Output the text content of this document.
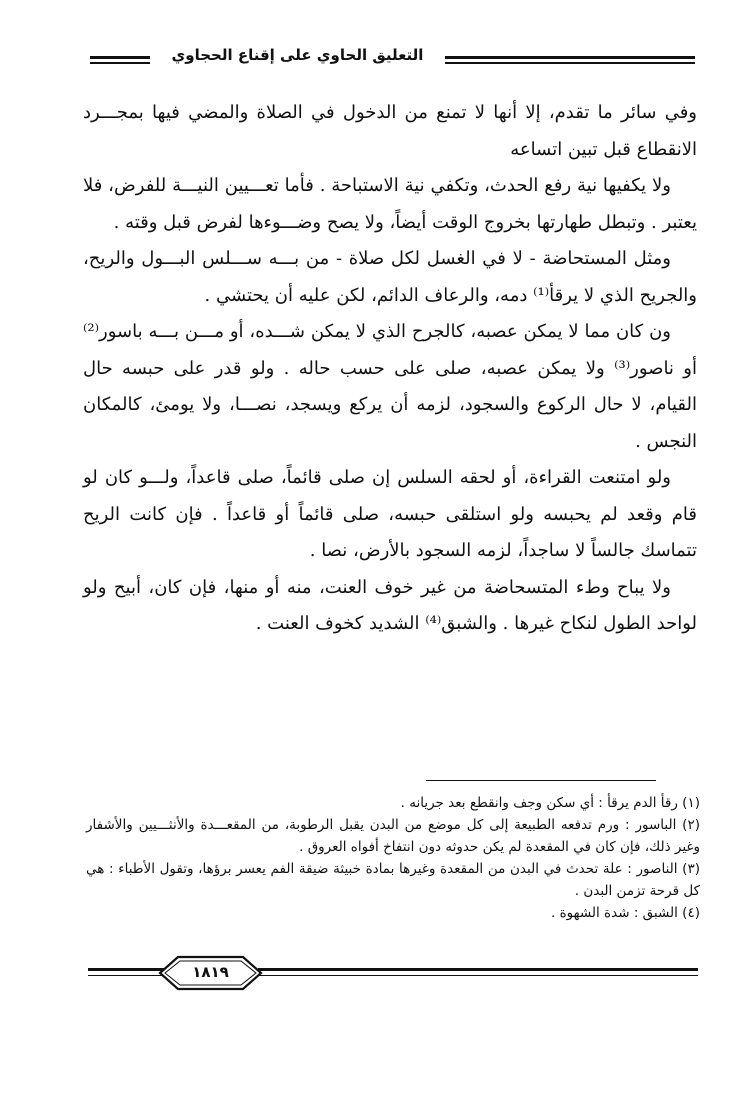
التعليق الحاوي على إقناع الحجاوي

وفي سائر ما تقدم، إلا أنها لا تمنع من الدخول في الصلاة والمضي فيها بمجـــرد الانقطاع قبل تبين اتساعه

ولا يكفيها نية رفع الحدث، وتكفي نية الاستباحة . فأما تعـــيين النيـــة للفرض، فلا يعتبر . وتبطل طهارتها بخروج الوقت أيضاً، ولا يصح وضـــوءها لفرض قبل وقته .

ومثل المستحاضة - لا في الغسل لكل صلاة - من بـــه ســـلس البـــول والريح، والجريح الذي لا يرقأ⁽¹⁾ دمه، والرعاف الدائم، لكن عليه أن يحتشي .

ون كان مما لا يمكن عصبه، كالجرح الذي لا يمكن شـــده، أو مـــن بـــه باسور⁽²⁾ أو ناصور⁽³⁾ ولا يمكن عصبه، صلى على حسب حاله . ولو قدر على حبسه حال القيام، لا حال الركوع والسجود، لزمه أن يركع ويسجد، نصـــا، ولا يومئ، كالمكان النجس .

ولو امتنعت القراءة، أو لحقه السلس إن صلى قائماً، صلى قاعداً، ولـــو كان لو قام وقعد لم يحبسه ولو استلقى حبسه، صلى قائماً أو قاعداً . فإن كانت الريح تتماسك جالساً لا ساجداً، لزمه السجود بالأرض، نصا .

ولا يباح وطء المتسحاضة من غير خوف العنت، منه أو منها، فإن كان، أبيح ولو لواحد الطول لنكاح غيرها . والشبق⁽⁴⁾ الشديد كخوف العنت .

(١) رقأ الدم يرقأ : أي سكن وجف وانقطع بعد جريانه .

(٢) الباسور : ورم تدفعه الطبيعة إلى كل موضع من البدن يقبل الرطوبة، من المقعـــدة والأنثـــيين والأشفار وغير ذلك، فإن كان في المقعدة لم يكن حدوثه دون انتفاخ أفواه العروق .

(٣) الناصور : علة تحدث في البدن من المقعدة وغيرها بمادة خبيثة ضيقة الفم يعسر برؤها، وتقول الأطباء : هي كل قرحة تزمن البدن .

(٤) الشبق : شدة الشهوة .

١٨١٩
